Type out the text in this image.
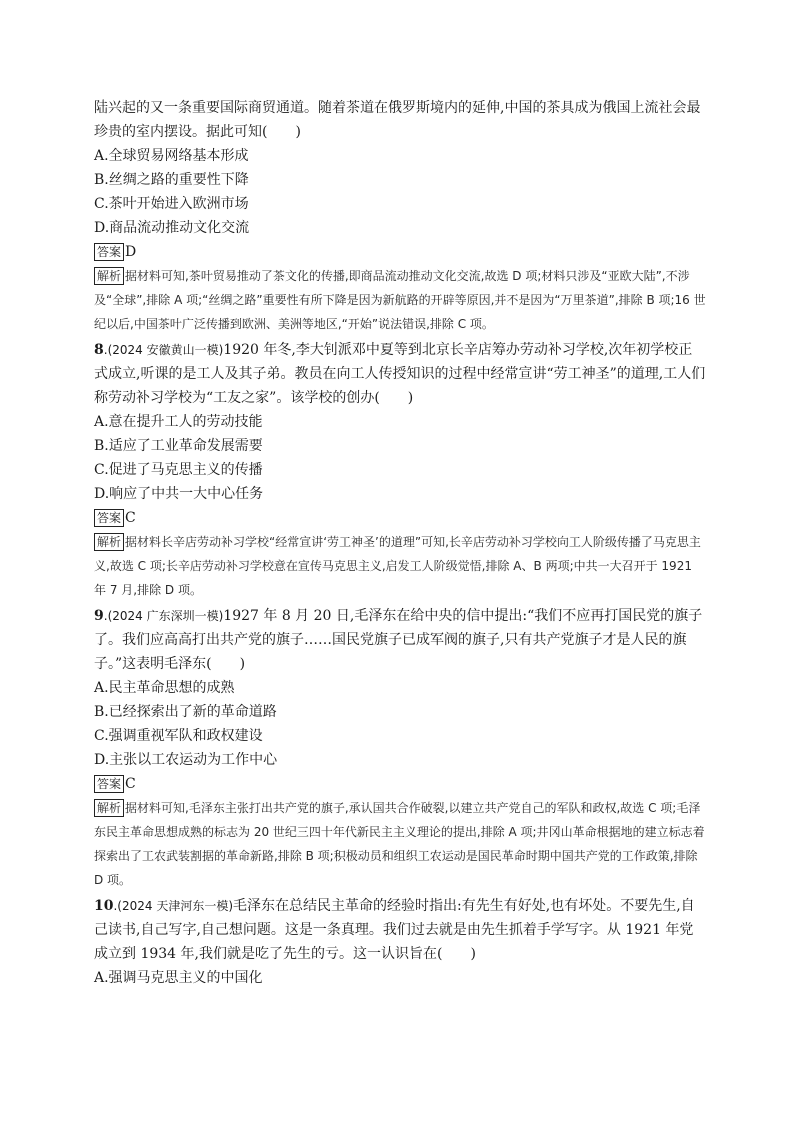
陆兴起的又一条重要国际商贸通道。随着茶道在俄罗斯境内的延伸,中国的茶具成为俄国上流社会最珍贵的室内摆设。据此可知(　　)

A.全球贸易网络基本形成

B.丝绸之路的重要性下降

C.茶叶开始进入欧洲市场

D.商品流动推动文化交流

答案 D

解析 据材料可知,茶叶贸易推动了茶文化的传播,即商品流动推动文化交流,故选 D 项;材料只涉及“亚欧大陆”,不涉及“全球”,排除 A 项;“丝绸之路”重要性有所下降是因为新航路的开辟等原因,并不是因为“万里茶道”,排除 B 项;16 世纪以后,中国茶叶广泛传播到欧洲、美洲等地区,“开始”说法错误,排除 C 项。

8.(2024 安徽黄山一模)1920 年冬,李大钊派邓中夏等到北京长辛店筹办劳动补习学校,次年初学校正式成立,听课的是工人及其子弟。教员在向工人传授知识的过程中经常宣讲“劳工神圣”的道理,工人们称劳动补习学校为“工友之家”。该学校的创办(　　)

A.意在提升工人的劳动技能

B.适应了工业革命发展需要

C.促进了马克思主义的传播

D.响应了中共一大中心任务

答案 C

解析 据材料长辛店劳动补习学校“经常宣讲‘劳工神圣’的道理”可知,长辛店劳动补习学校向工人阶级传播了马克思主义,故选 C 项;长辛店劳动补习学校意在宣传马克思主义,启发工人阶级觉悟,排除 A、B 两项;中共一大召开于 1921 年 7 月,排除 D 项。

9.(2024 广东深圳一模)1927 年 8 月 20 日,毛泽东在给中央的信中提出:“我们不应再打国民党的旗子了。我们应高高打出共产党的旗子……国民党旗子已成军阀的旗子,只有共产党旗子才是人民的旗子。”这表明毛泽东(　　)

A.民主革命思想的成熟

B.已经探索出了新的革命道路

C.强调重视军队和政权建设

D.主张以工农运动为工作中心

答案 C

解析 据材料可知,毛泽东主张打出共产党的旗子,承认国共合作破裂,以建立共产党自己的军队和政权,故选 C 项;毛泽东民主革命思想成熟的标志为 20 世纪三四十年代新民主主义理论的提出,排除 A 项;井冈山革命根据地的建立标志着探索出了工农武装割据的革命新路,排除 B 项;积极动员和组织工农运动是国民革命时期中国共产党的工作政策,排除 D 项。

10.(2024 天津河东一模)毛泽东在总结民主革命的经验时指出:有先生有好处,也有坏处。不要先生,自己读书,自己写字,自己想问题。这是一条真理。我们过去就是由先生抓着手学写字。从 1921 年党成立到 1934 年,我们就是吃了先生的亏。这一认识旨在(　　)

A.强调马克思主义的中国化
